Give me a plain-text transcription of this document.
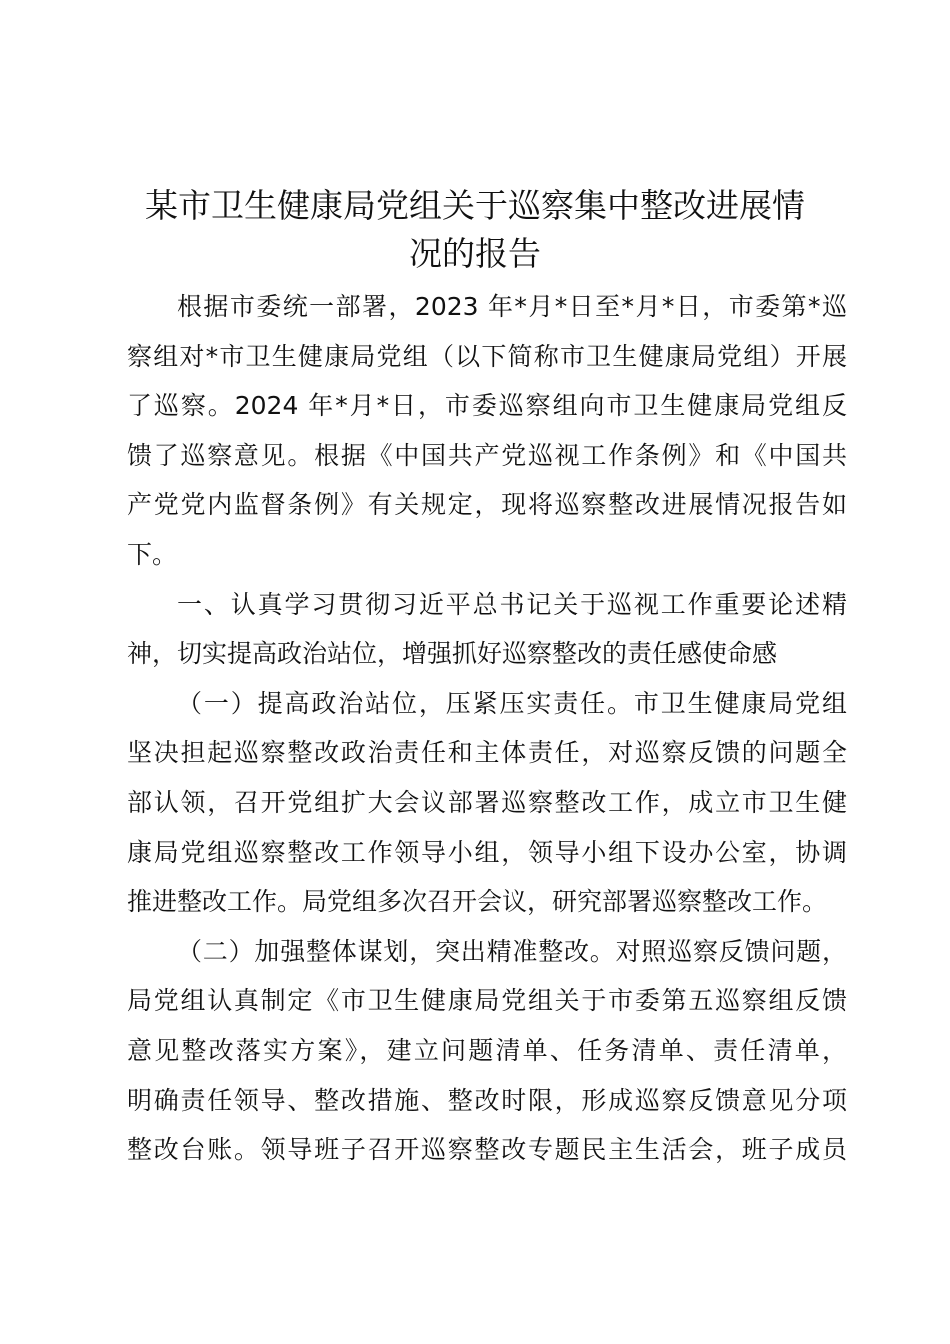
某市卫生健康局党组关于巡察集中整改进展情
况的报告
根据市委统一部署，2023 年*月*日至*月*日，市委第*巡
察组对*市卫生健康局党组（以下简称市卫生健康局党组）开展
了巡察。2024 年*月*日，市委巡察组向市卫生健康局党组反
馈了巡察意见。根据《中国共产党巡视工作条例》和《中国共
产党党内监督条例》有关规定，现将巡察整改进展情况报告如
下。
一、认真学习贯彻习近平总书记关于巡视工作重要论述精
神，切实提高政治站位，增强抓好巡察整改的责任感使命感
（一）提高政治站位，压紧压实责任。市卫生健康局党组
坚决担起巡察整改政治责任和主体责任，对巡察反馈的问题全
部认领，召开党组扩大会议部署巡察整改工作，成立市卫生健
康局党组巡察整改工作领导小组，领导小组下设办公室，协调
推进整改工作。局党组多次召开会议，研究部署巡察整改工作。
（二）加强整体谋划，突出精准整改。对照巡察反馈问题，
局党组认真制定《市卫生健康局党组关于市委第五巡察组反馈
意见整改落实方案》，建立问题清单、任务清单、责任清单，
明确责任领导、整改措施、整改时限，形成巡察反馈意见分项
整改台账。领导班子召开巡察整改专题民主生活会，班子成员
